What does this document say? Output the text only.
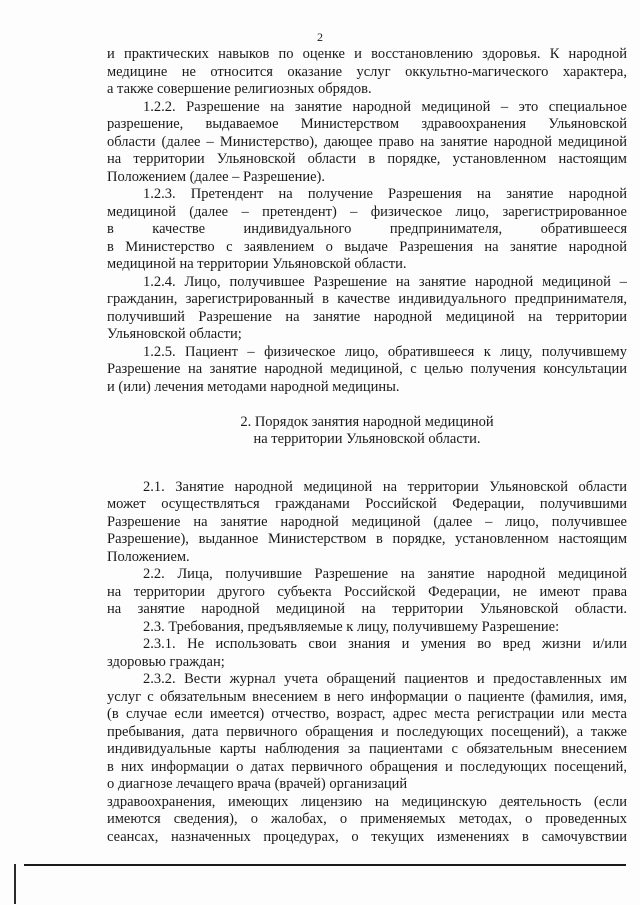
2
и практических навыков по оценке и восстановлению здоровья. К народной
медицине не относится оказание услуг оккультно-магического характера,
а также совершение религиозных обрядов.
1.2.2. Разрешение на занятие народной медициной – это специальное
разрешение, выдаваемое Министерством здравоохранения Ульяновской
области (далее – Министерство), дающее право на занятие народной медициной
на территории Ульяновской области в порядке, установленном настоящим
Положением (далее – Разрешение).
1.2.3. Претендент на получение Разрешения на занятие народной
медициной (далее – претендент) – физическое лицо, зарегистрированное
в качестве индивидуального предпринимателя, обратившееся
в Министерство с заявлением о выдаче Разрешения на занятие народной
медициной на территории Ульяновской области.
1.2.4. Лицо, получившее Разрешение на занятие народной медициной –
гражданин, зарегистрированный в качестве индивидуального предпринимателя,
получивший Разрешение на занятие народной медициной на территории
Ульяновской области;
1.2.5. Пациент – физическое лицо, обратившееся к лицу, получившему
Разрешение на занятие народной медициной, с целью получения консультации
и (или) лечения методами народной медицины.
2. Порядок занятия народной медициной
на территории Ульяновской области.
2.1. Занятие народной медициной на территории Ульяновской области
может осуществляться гражданами Российской Федерации, получившими
Разрешение на занятие народной медициной (далее – лицо, получившее
Разрешение), выданное Министерством в порядке, установленном настоящим
Положением.
2.2. Лица, получившие Разрешение на занятие народной медициной
на территории другого субъекта Российской Федерации, не имеют права
на занятие народной медициной на территории Ульяновской области.
2.3. Требования, предъявляемые к лицу, получившему Разрешение:
2.3.1. Не использовать свои знания и умения во вред жизни и/или
здоровью граждан;
2.3.2. Вести журнал учета обращений пациентов и предоставленных им
услуг с обязательным внесением в него информации о пациенте (фамилия, имя,
(в случае если имеется) отчество, возраст, адрес места регистрации или места
пребывания, дата первичного обращения и последующих посещений), а также
индивидуальные карты наблюдения за пациентами с обязательным внесением
в них информации о датах первичного обращения и последующих посещений,
о диагнозе лечащего врача (врачей) организаций
здравоохранения, имеющих лицензию на медицинскую деятельность (если
имеются сведения), о жалобах, о применяемых методах, о проведенных
сеансах, назначенных процедурах, о текущих изменениях в самочувствии
